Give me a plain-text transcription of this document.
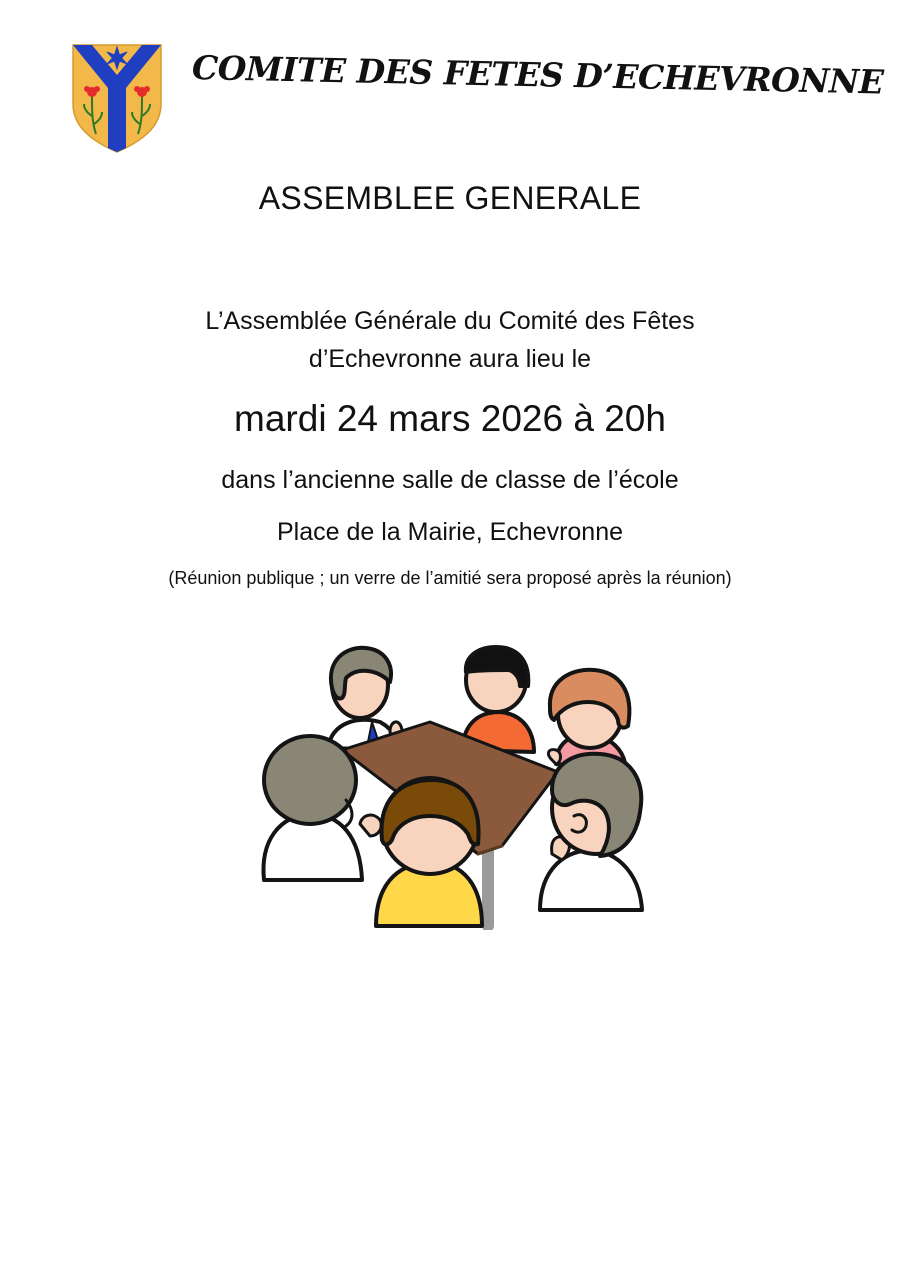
COMITE DES FETES D’ECHEVRONNE
ASSEMBLEE GENERALE
L’Assemblée Générale du Comité des Fêtes
d’Echevronne aura lieu le
mardi 24 mars 2026 à 20h
dans l’ancienne salle de classe de l’école
Place de la Mairie, Echevronne
(Réunion publique ; un verre de l’amitié sera proposé après la réunion)
